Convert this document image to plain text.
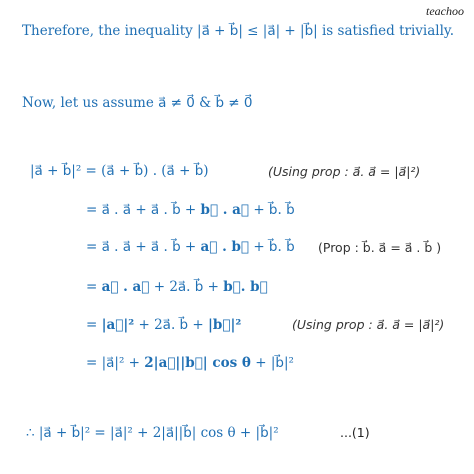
teachoo
Therefore, the inequality |a⃗ + b⃗| ≤ |a⃗| + |b⃗| is satisfied trivially.
Now, let us assume a⃗ ≠ 0⃗ & b⃗ ≠ 0⃗
|a⃗ + b⃗|² = (a⃗ + b⃗) . (a⃗ + b⃗)	(Using prop : a⃗. a⃗ = |a⃗|²)
= a⃗ . a⃗ + a⃗ . b⃗ + b⃗ . a⃗ + b⃗. b⃗
= a⃗ . a⃗ + a⃗ . b⃗ + a⃗ . b⃗ + b⃗. b⃗ (Prop : b⃗. a⃗ = a⃗ . b⃗ )
= a⃗ . a⃗ + 2a⃗. b⃗ + b⃗. b⃗
= |a⃗|² + 2a⃗. b⃗ + |b⃗|²	(Using prop : a⃗. a⃗ = |a⃗|²)
= |a⃗|² + 2|a⃗||b⃗| cos θ + |b⃗|²
∴ |a⃗ + b⃗|² = |a⃗|² + 2|a⃗||b⃗| cos θ + |b⃗|²	...(1)
